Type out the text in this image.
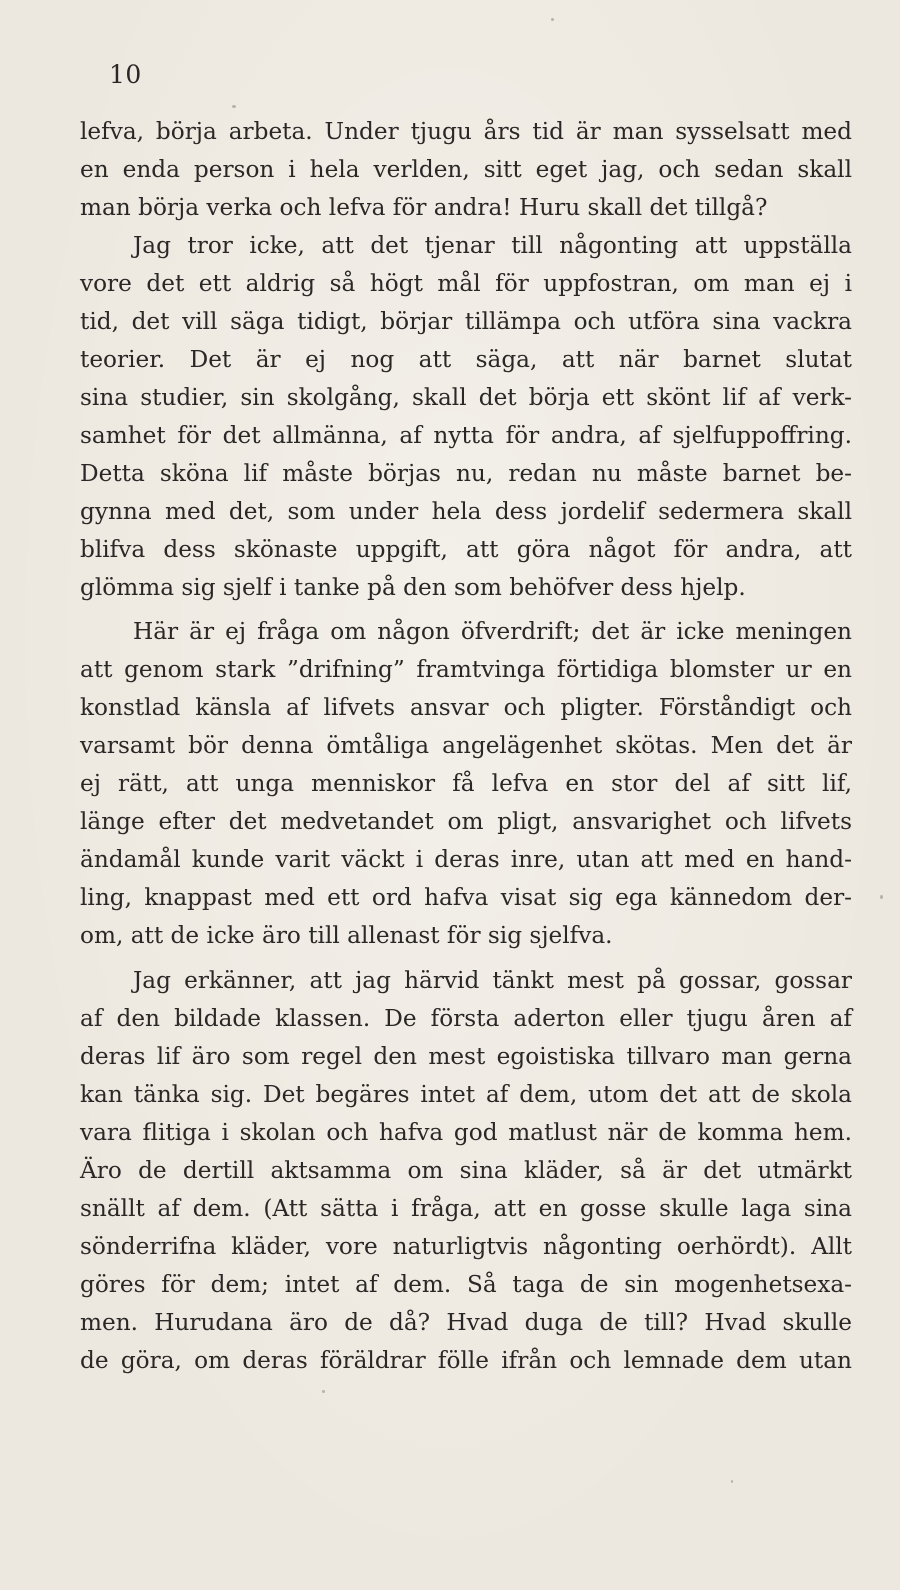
10
lefva, börja arbeta. Under tjugu års tid är man sysselsatt med
en enda person i hela verlden, sitt eget jag, och sedan skall
man börja verka och lefva för andra! Huru skall det tillgå?
Jag tror icke, att det tjenar till någonting att uppställa
vore det ett aldrig så högt mål för uppfostran, om man ej i
tid, det vill säga tidigt, börjar tillämpa och utföra sina vackra
teorier. Det är ej nog att säga, att när barnet slutat
sina studier, sin skolgång, skall det börja ett skönt lif af verk-
samhet för det allmänna, af nytta för andra, af sjelfuppoffring.
Detta sköna lif måste börjas nu, redan nu måste barnet be-
gynna med det, som under hela dess jordelif sedermera skall
blifva dess skönaste uppgift, att göra något för andra, att
glömma sig sjelf i tanke på den som behöfver dess hjelp.
Här är ej fråga om någon öfverdrift; det är icke meningen
att genom stark ”drifning” framtvinga förtidiga blomster ur en
konstlad känsla af lifvets ansvar och pligter. Förståndigt och
varsamt bör denna ömtåliga angelägenhet skötas. Men det är
ej rätt, att unga menniskor få lefva en stor del af sitt lif,
länge efter det medvetandet om pligt, ansvarighet och lifvets
ändamål kunde varit väckt i deras inre, utan att med en hand-
ling, knappast med ett ord hafva visat sig ega kännedom der-
om, att de icke äro till allenast för sig sjelfva.
Jag erkänner, att jag härvid tänkt mest på gossar, gossar
af den bildade klassen. De första aderton eller tjugu åren af
deras lif äro som regel den mest egoistiska tillvaro man gerna
kan tänka sig. Det begäres intet af dem, utom det att de skola
vara flitiga i skolan och hafva god matlust när de komma hem.
Äro de dertill aktsamma om sina kläder, så är det utmärkt
snällt af dem. (Att sätta i fråga, att en gosse skulle laga sina
sönderrifna kläder, vore naturligtvis någonting oerhördt). Allt
göres för dem; intet af dem. Så taga de sin mogenhetsexa-
men. Hurudana äro de då? Hvad duga de till? Hvad skulle
de göra, om deras föräldrar fölle ifrån och lemnade dem utan
